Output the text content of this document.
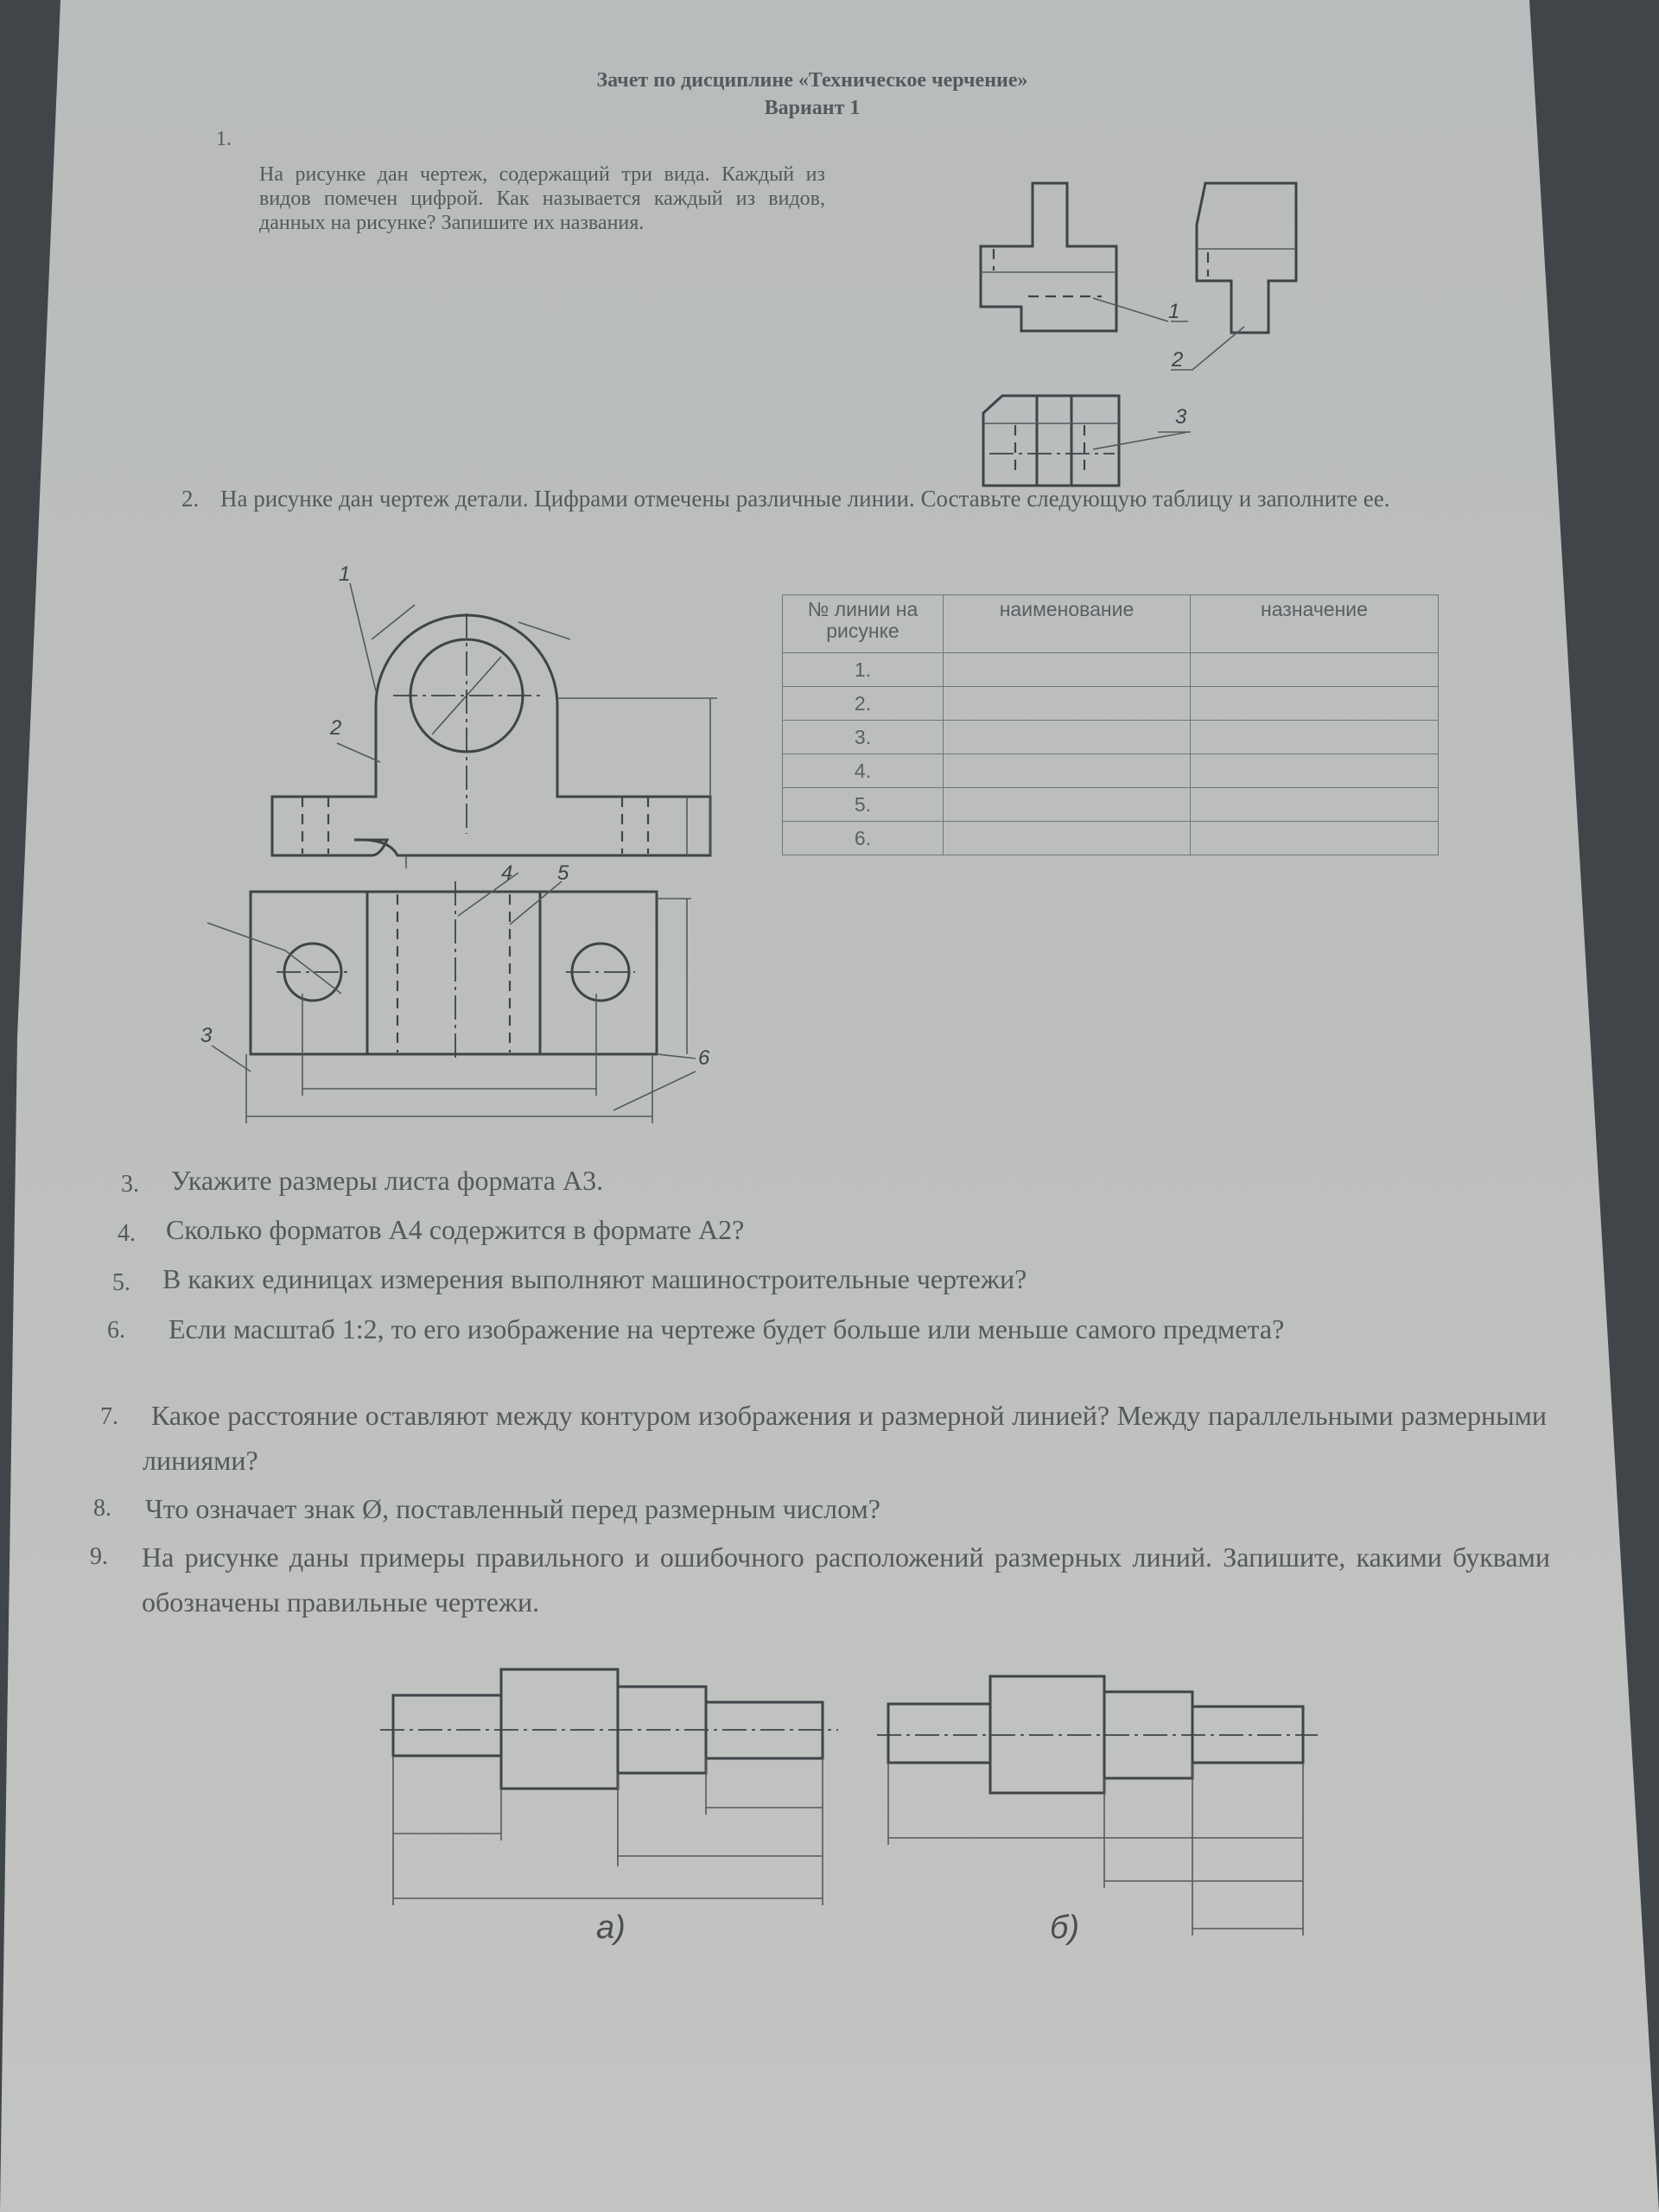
Зачет по дисциплине «Техническое черчение»
Вариант 1
1.

На рисунке дан чертеж, содержащий три вида. Каждый из видов помечен цифрой. Как называется каждый из видов, данных на рисунке? Запишите их названия.

2. На рисунке дан чертеж детали. Цифрами отмечены различные линии. Составьте следующую таблицу и заполните ее.

№ линии на рисунке	наименование	назначение
1.		
2.		
3.		
4.		
5.		
6.		
3. Укажите размеры листа формата А3.
4. Сколько форматов А4 содержится в формате А2?
5. В каких единицах измерения выполняют машиностроительные чертежи?
6.	Если масштаб 1:2, то его изображение на чертеже будет больше или меньше самого предмета?
7.	Какое расстояние оставляют между контуром изображения и размерной линией? Между параллельными размерными линиями?
8. Что означает знак Ø, поставленный перед размерным числом?
9. На рисунке даны примеры правильного и ошибочного расположений размерных линий. Запишите, какими буквами обозначены правильные чертежи.
а)	б)
1
2
3
1
2
3
4 5
6
